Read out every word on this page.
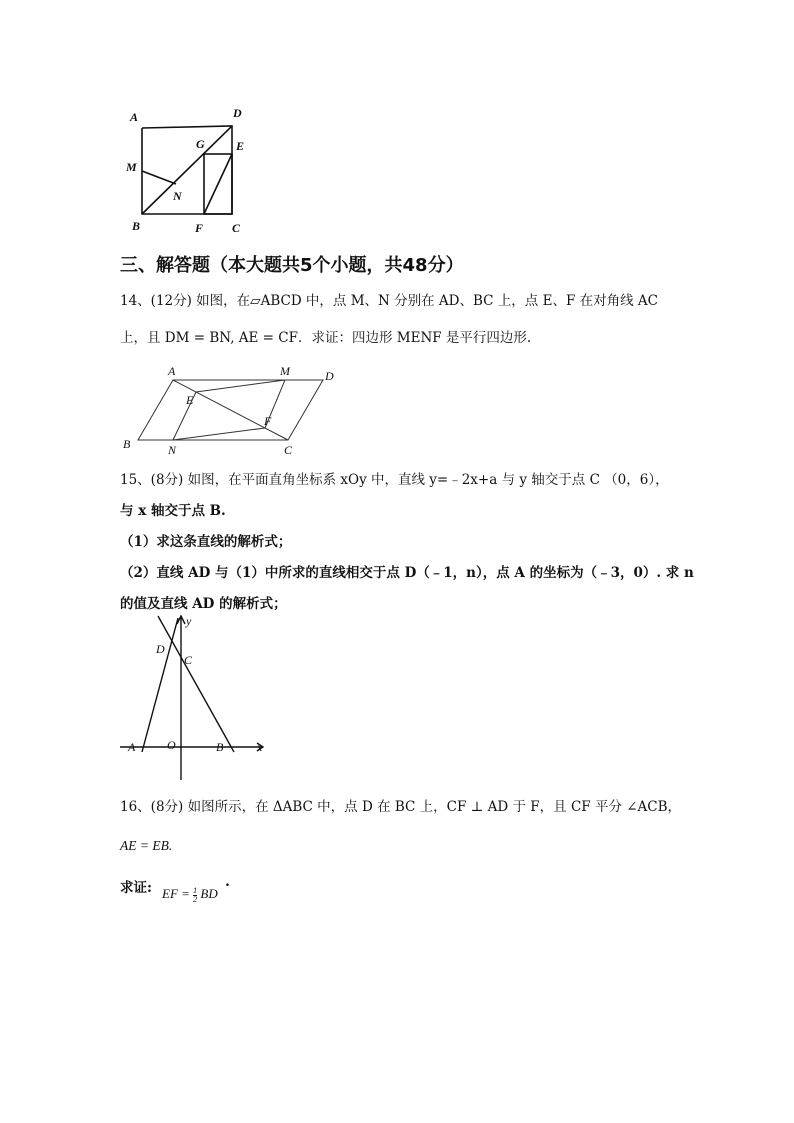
A	D
M
G	E
N
B	F C
三、解答题（本大题共5个小题，共48分）
14、(12分) 如图，在▱ABCD 中，点 M、N 分别在 AD、BC 上，点 E、F 在对角线 AC
上，且 DM = BN, AE = CF．求证：四边形 MENF 是平行四边形.
A	M	D
E
F
B	N	C
15、(8分) 如图，在平面直角坐标系 xOy 中，直线 y=﹣2x+a 与 y 轴交于点 C （0，6），
与 x 轴交于点 B.
（1）求这条直线的解析式；
（2）直线 AD 与（1）中所求的直线相交于点 D（﹣1，n），点 A 的坐标为（﹣3，0）. 求 n
的值及直线 AD 的解析式；
y
D
C
A	O	B	x
16、(8分) 如图所示，在 ΔABC 中，点 D 在 BC 上，CF ⊥ AD 于 F，且 CF 平分 ∠ACB，
AE = EB.
求证: EF = $\frac{1}{2}$ BD
.
